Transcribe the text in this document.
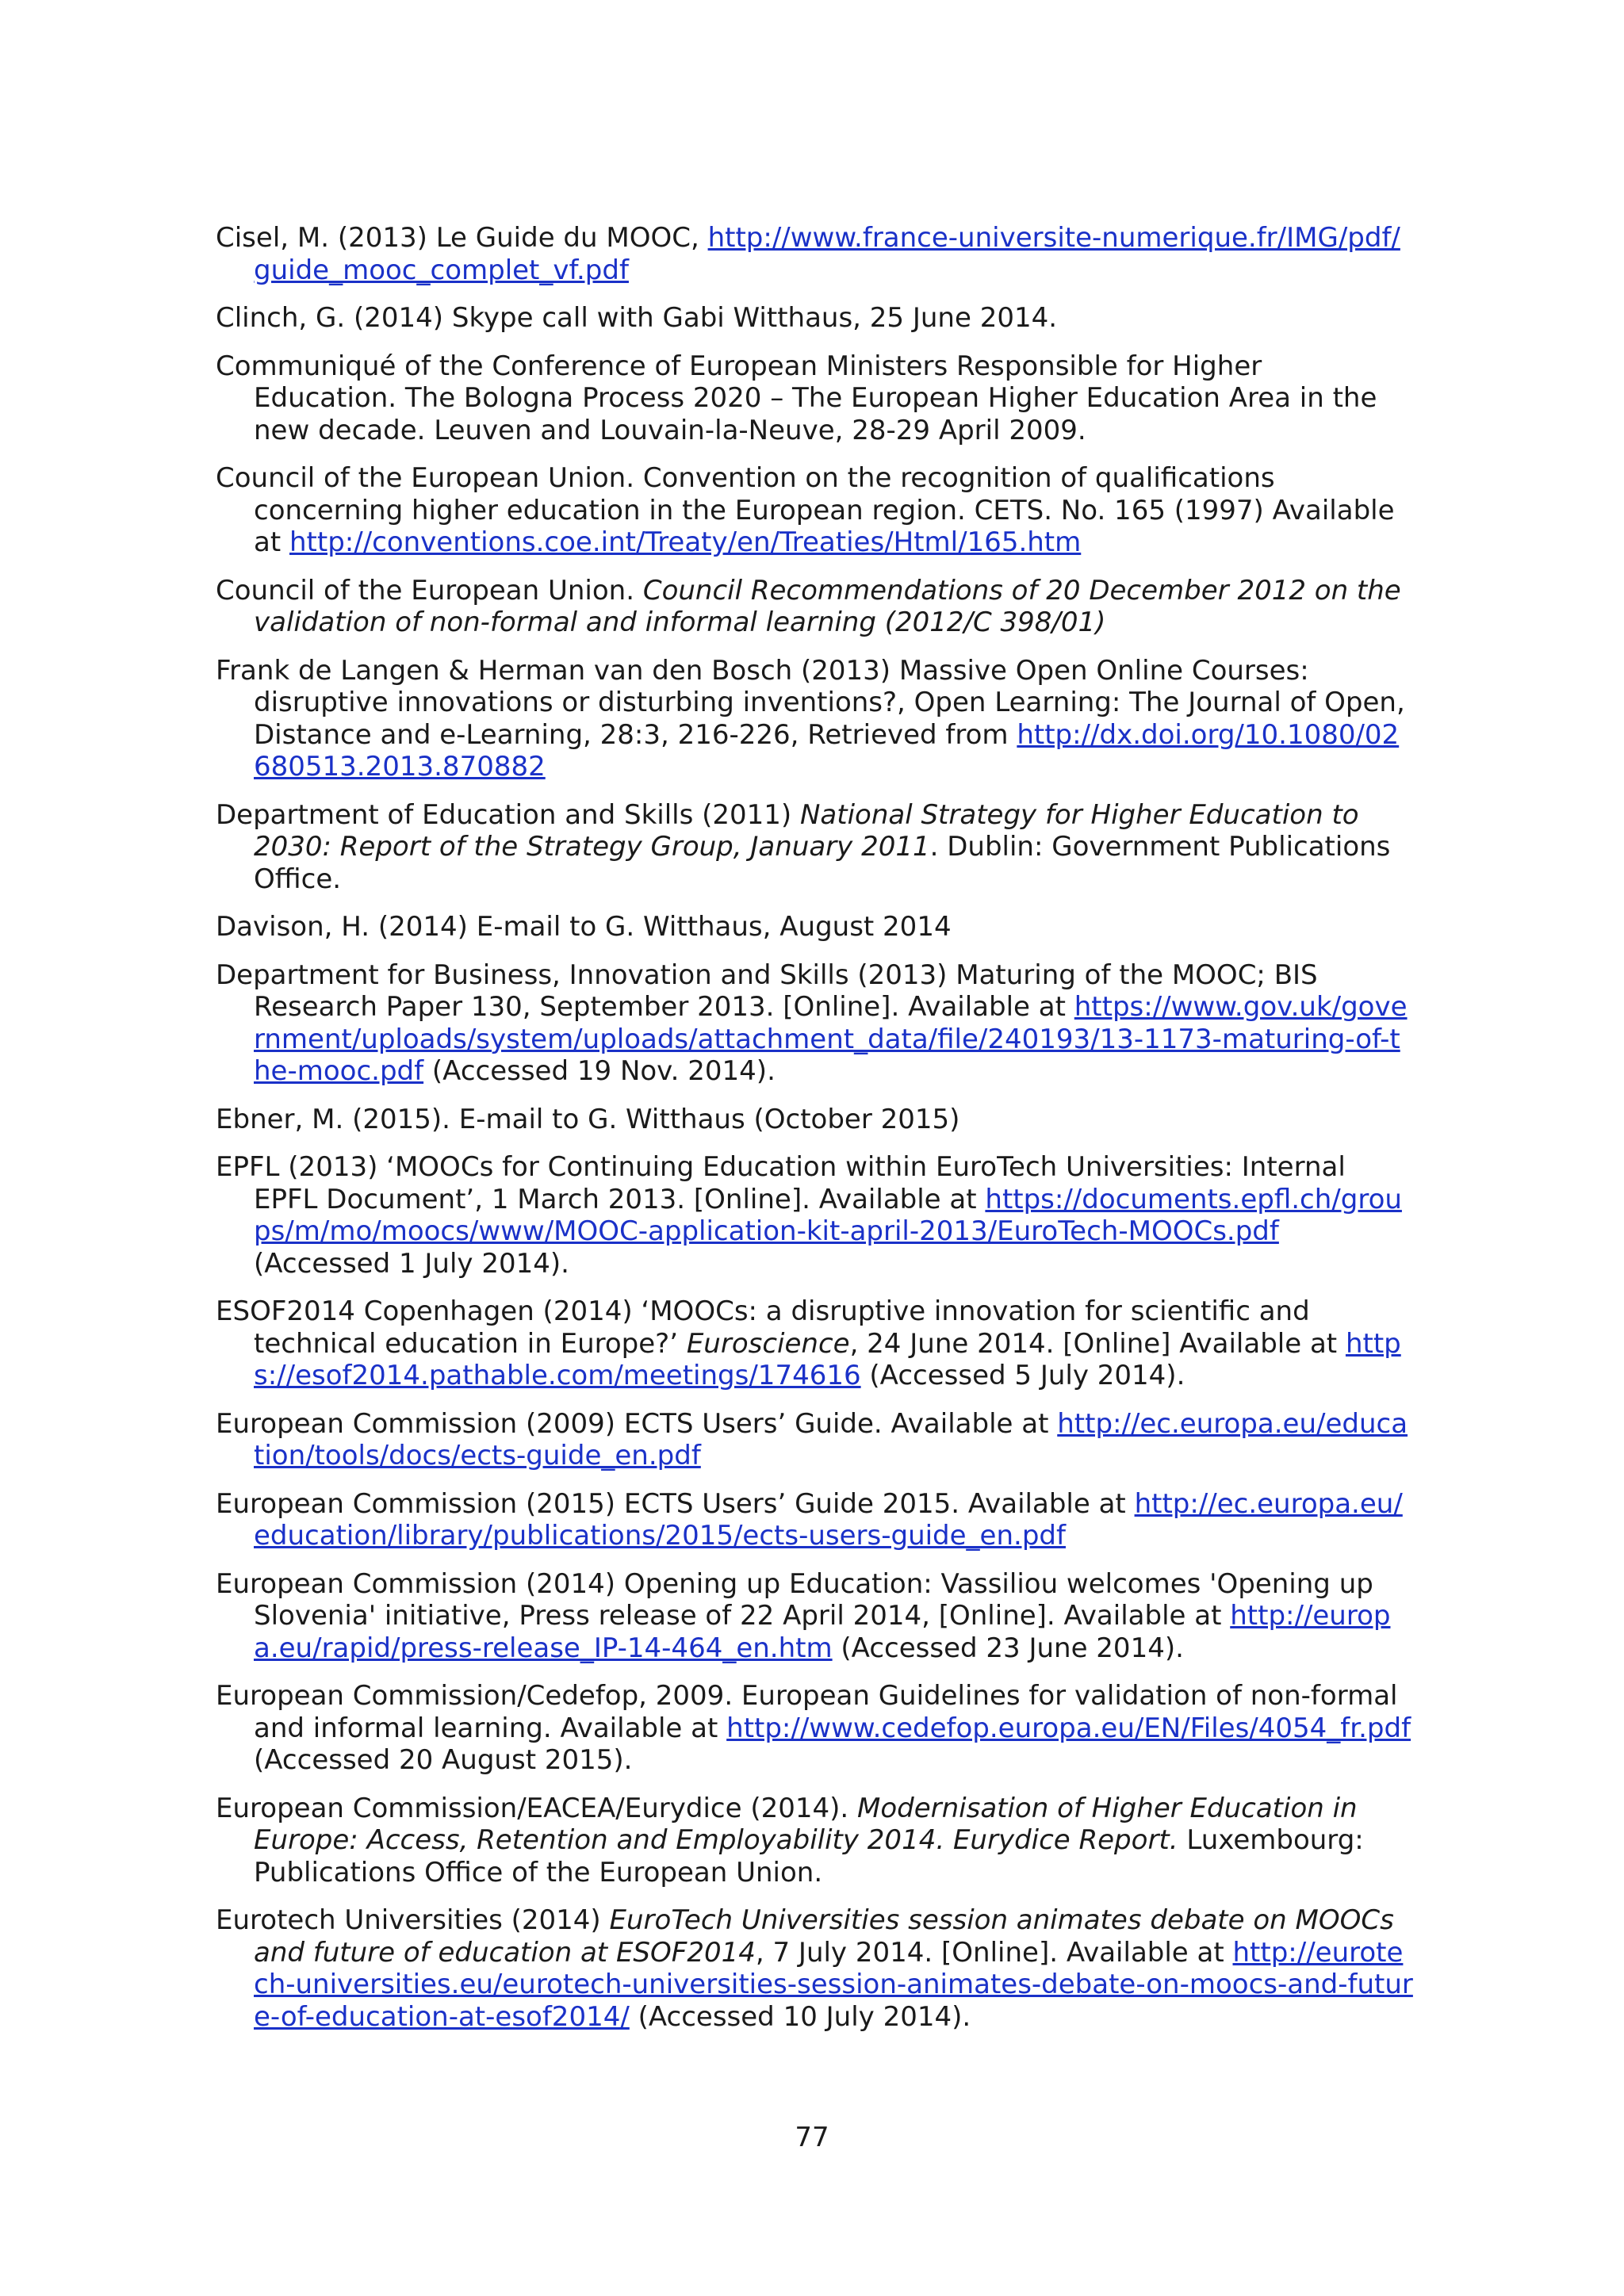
Cisel, M. (2013) Le Guide du MOOC, http://www.france-universite-numerique.fr/IMG/pdf/guide_mooc_complet_vf.pdf

Clinch, G. (2014) Skype call with Gabi Witthaus, 25 June 2014.

Communiqué of the Conference of European Ministers Responsible for Higher Education. The Bologna Process 2020 – The European Higher Education Area in the new decade. Leuven and Louvain-la-Neuve, 28-29 April 2009.

Council of the European Union. Convention on the recognition of qualifications concerning higher education in the European region. CETS. No. 165 (1997) Available at http://conventions.coe.int/Treaty/en/Treaties/Html/165.htm

Council of the European Union. Council Recommendations of 20 December 2012 on the validation of non-formal and informal learning (2012/C 398/01)

Frank de Langen & Herman van den Bosch (2013) Massive Open Online Courses: disruptive innovations or disturbing inventions?, Open Learning: The Journal of Open, Distance and e-Learning, 28:3, 216-226, Retrieved from http://dx.doi.org/10.1080/02680513.2013.870882

Department of Education and Skills (2011) National Strategy for Higher Education to 2030: Report of the Strategy Group, January 2011. Dublin: Government Publications Office.

Davison, H. (2014) E-mail to G. Witthaus, August 2014

Department for Business, Innovation and Skills (2013) Maturing of the MOOC; BIS Research Paper 130, September 2013. [Online]. Available at https://www.gov.uk/government/uploads/system/uploads/attachment_data/file/240193/13-1173-maturing-of-the-mooc.pdf (Accessed 19 Nov. 2014).

Ebner, M. (2015). E-mail to G. Witthaus (October 2015)

EPFL (2013) ‘MOOCs for Continuing Education within EuroTech Universities: Internal EPFL Document’, 1 March 2013. [Online]. Available at https://documents.epfl.ch/groups/m/mo/moocs/www/MOOC-application-kit-april-2013/EuroTech-MOOCs.pdf (Accessed 1 July 2014).

ESOF2014 Copenhagen (2014) ‘MOOCs: a disruptive innovation for scientific and technical education in Europe?’ Euroscience, 24 June 2014. [Online] Available at https://esof2014.pathable.com/meetings/174616 (Accessed 5 July 2014).

European Commission (2009) ECTS Users’ Guide. Available at http://ec.europa.eu/education/tools/docs/ects-guide_en.pdf

European Commission (2015) ECTS Users’ Guide 2015. Available at http://ec.europa.eu/education/library/publications/2015/ects-users-guide_en.pdf

European Commission (2014) Opening up Education: Vassiliou welcomes 'Opening up Slovenia' initiative, Press release of 22 April 2014, [Online]. Available at http://europa.eu/rapid/press-release_IP-14-464_en.htm (Accessed 23 June 2014).

European Commission/Cedefop, 2009. European Guidelines for validation of non-formal and informal learning. Available at http://www.cedefop.europa.eu/EN/Files/4054_fr.pdf (Accessed 20 August 2015).

European Commission/EACEA/Eurydice (2014). Modernisation of Higher Education in Europe: Access, Retention and Employability 2014. Eurydice Report. Luxembourg: Publications Office of the European Union.

Eurotech Universities (2014) EuroTech Universities session animates debate on MOOCs and future of education at ESOF2014, 7 July 2014. [Online]. Available at http://eurotech-universities.eu/eurotech-universities-session-animates-debate-on-moocs-and-future-of-education-at-esof2014/ (Accessed 10 July 2014).

77
